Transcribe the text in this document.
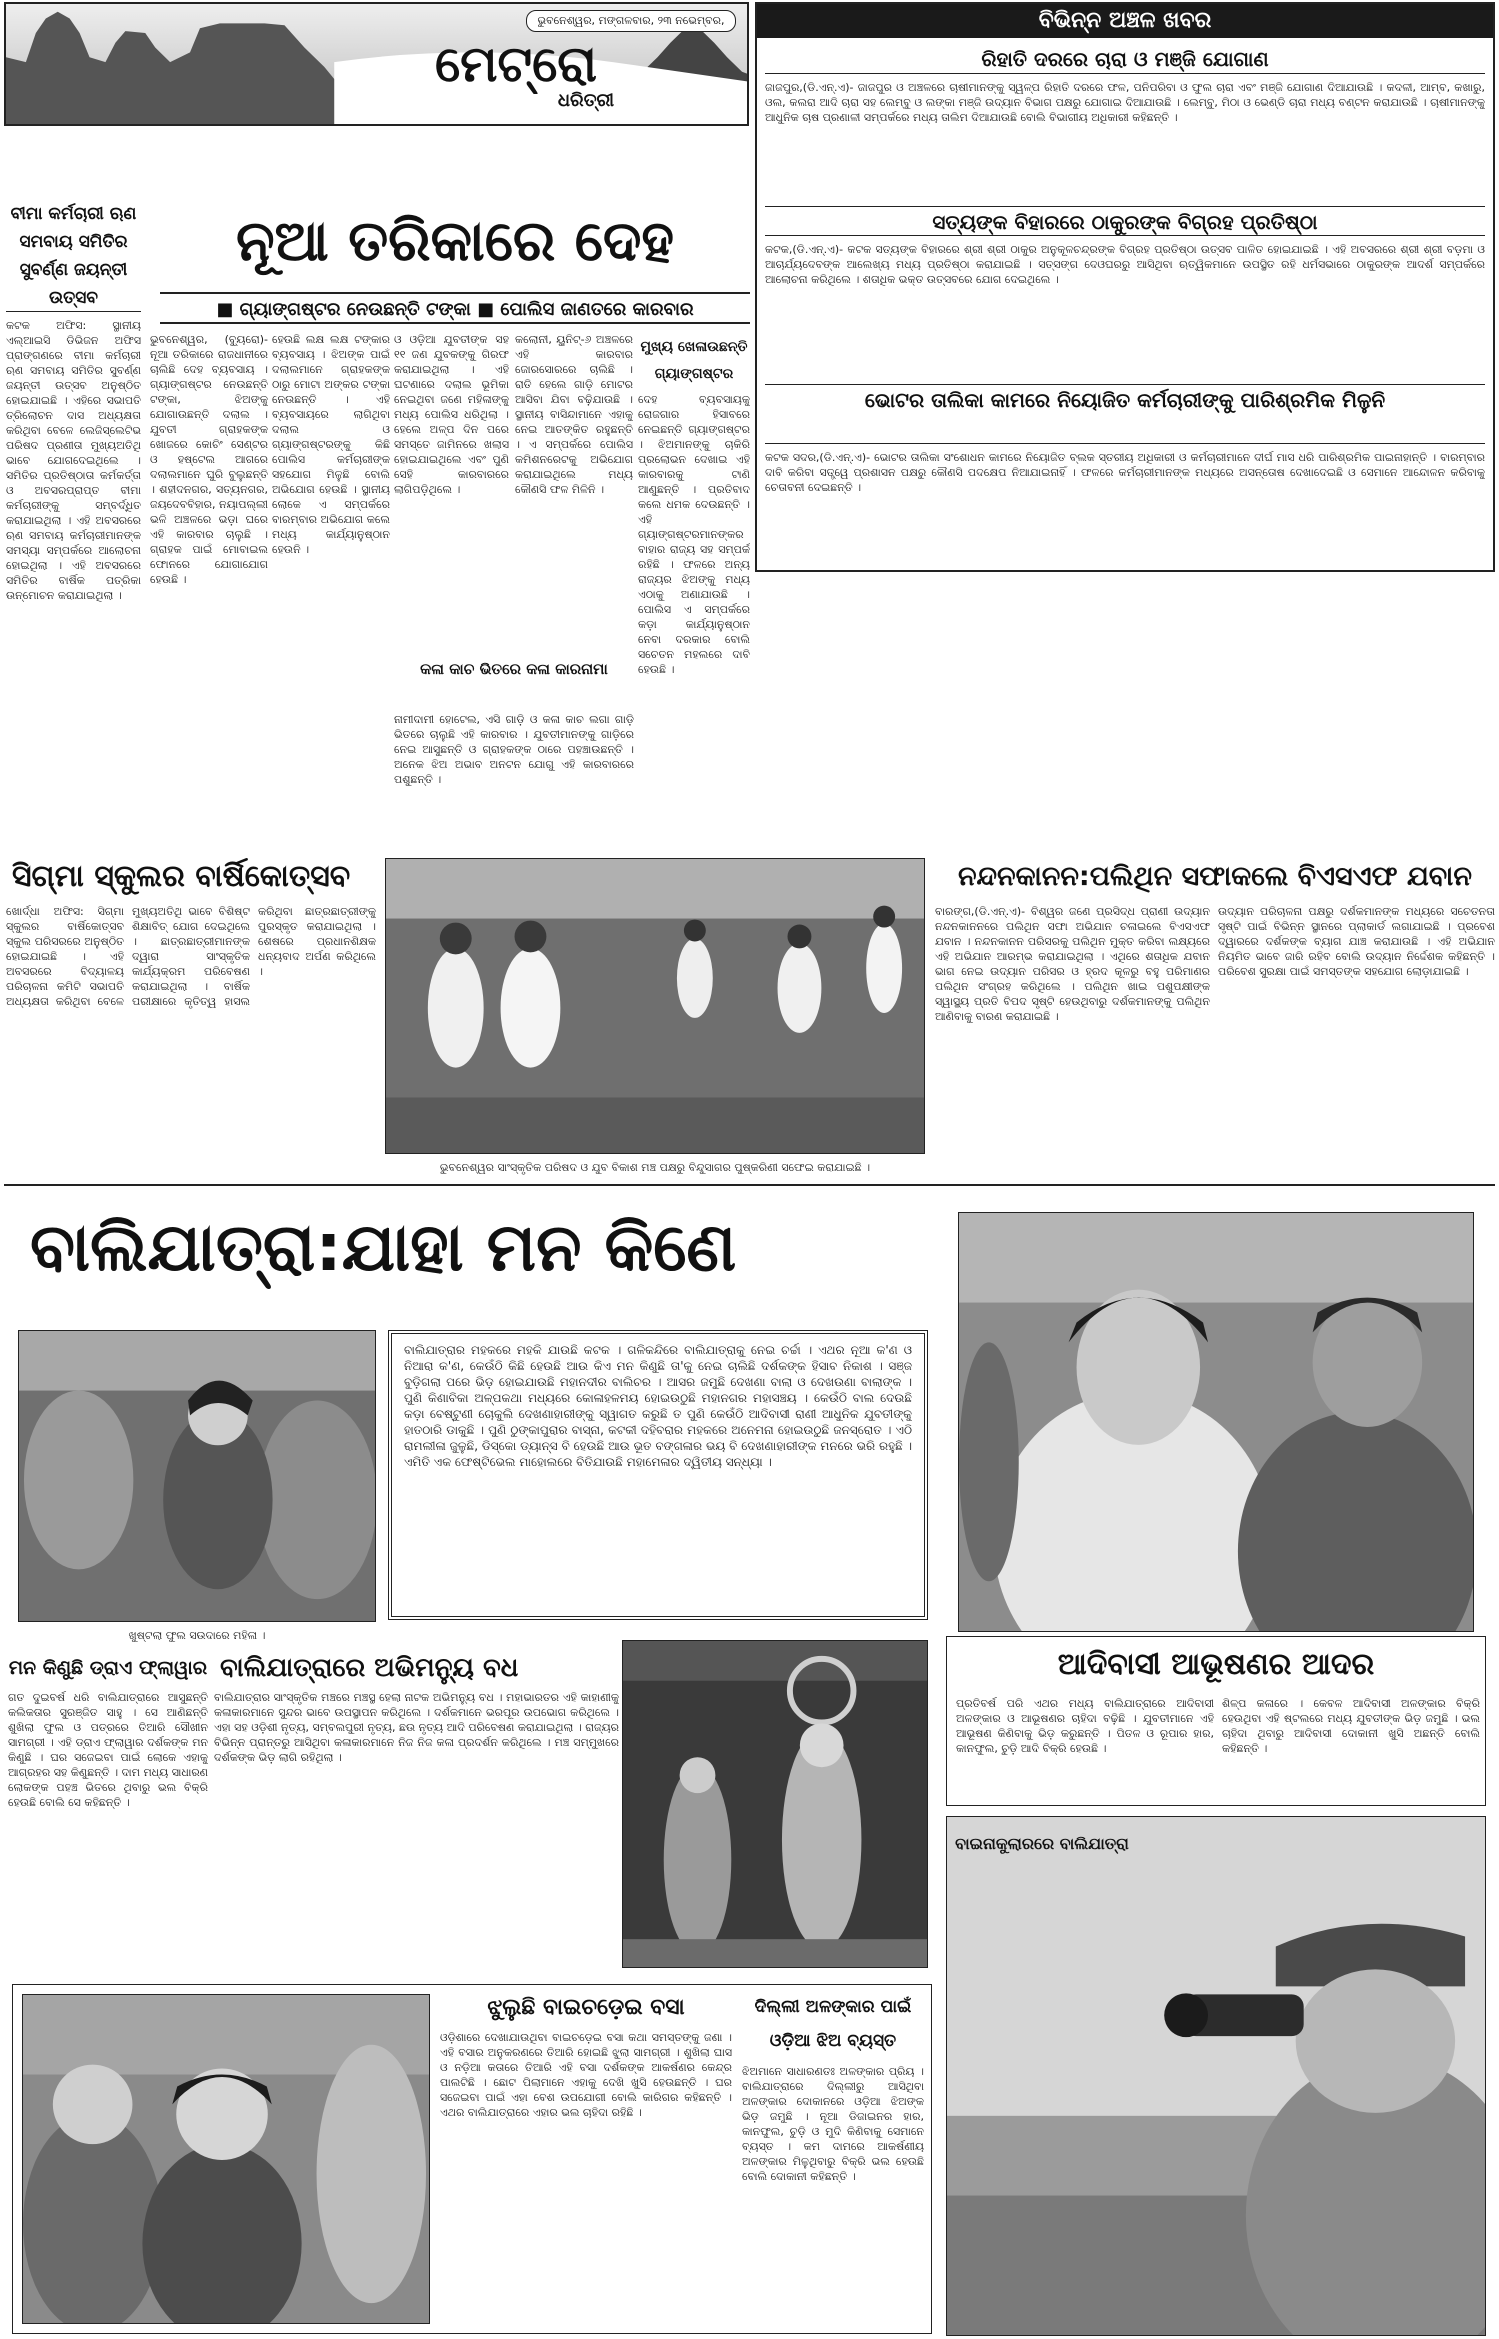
ଭୁବନେଶ୍ୱର, ମଙ୍ଗଳବାର, ୨୩ ନଭେମ୍ବର,
ମେଟ୍ରୋ
ଧରିତ୍ରୀ
ବିଭିନ୍ନ ଅଞ୍ଚଳ ଖବର
ରିହାତି ଦରରେ ଚାରା ଓ ମଞ୍ଜି ଯୋଗାଣ
ଜାଜପୁର,(ଡି.ଏନ୍.ଏ)- ଜାଜପୁର ଓ ଅଞ୍ଚଳରେ ଚାଷୀମାନଙ୍କୁ ସ୍ୱଳ୍ପ ରିହାତି ଦରରେ ଫଳ, ପନିପରିବା ଓ ଫୁଲ ଚାରା ଏବଂ ମଞ୍ଜି ଯୋଗାଣ ଦିଆଯାଉଛି । କଦଳୀ, ଆମ୍ବ, କଖାରୁ, ଓଲ, କଲରା ଆଦି ଚାରା ସହ ଲେମ୍ବୁ ଓ ଲଙ୍କା ମଞ୍ଜି ଉଦ୍ୟାନ ବିଭାଗ ପକ୍ଷରୁ ଯୋଗାଇ ଦିଆଯାଉଛି । ଲେମ୍ବୁ, ମିଠା ଓ ଭେଣ୍ଡି ଚାରା ମଧ୍ୟ ବଣ୍ଟନ କରାଯାଉଛି । ଚାଷୀମାନଙ୍କୁ ଆଧୁନିକ ଚାଷ ପ୍ରଣାଳୀ ସମ୍ପର୍କରେ ମଧ୍ୟ ତାଲିମ ଦିଆଯାଉଛି ବୋଲି ବିଭାଗୀୟ ଅଧିକାରୀ କହିଛନ୍ତି ।
ସତ୍ୟଙ୍କ ବିହାରରେ ଠାକୁରଙ୍କ ବିଗ୍ରହ ପ୍ରତିଷ୍ଠା
କଟକ,(ଡି.ଏନ୍.ଏ)- କଟକ ସତ୍ୟଙ୍କ ବିହାରରେ ଶ୍ରୀ ଶ୍ରୀ ଠାକୁର ଅନୁକୂଳଚନ୍ଦ୍ରଙ୍କ ବିଗ୍ରହ ପ୍ରତିଷ୍ଠା ଉତ୍ସବ ପାଳିତ ହୋଇଯାଇଛି । ଏହି ଅବସରରେ ଶ୍ରୀ ଶ୍ରୀ ବଡ଼ମା ଓ ଆଚାର୍ଯ୍ୟଦେବଙ୍କ ଆଲେଖ୍ୟ ମଧ୍ୟ ପ୍ରତିଷ୍ଠା କରାଯାଇଛି । ସତ୍ସଙ୍ଗ ଦେଓଘରରୁ ଆସିଥିବା ଋତ୍ୱିକମାନେ ଉପସ୍ଥିତ ରହି ଧର୍ମସଭାରେ ଠାକୁରଙ୍କ ଆଦର୍ଶ ସମ୍ପର୍କରେ ଆଲୋଚନା କରିଥିଲେ । ଶତାଧିକ ଭକ୍ତ ଉତ୍ସବରେ ଯୋଗ ଦେଇଥିଲେ ।
ଭୋଟର ତାଲିକା କାମରେ ନିୟୋଜିତ କର୍ମଚାରୀଙ୍କୁ ପାରିଶ୍ରମିକ ମିଳୁନି
କଟକ ସଦର,(ଡି.ଏନ୍.ଏ)- ଭୋଟର ତାଲିକା ସଂଶୋଧନ କାମରେ ନିୟୋଜିତ ବ୍ଲକ ସ୍ତରୀୟ ଅଧିକାରୀ ଓ କର୍ମଚାରୀମାନେ ଦୀର୍ଘ ମାସ ଧରି ପାରିଶ୍ରମିକ ପାଇନାହାନ୍ତି । ବାରମ୍ବାର ଦାବି କରିବା ସତ୍ତ୍ୱେ ପ୍ରଶାସନ ପକ୍ଷରୁ କୌଣସି ପଦକ୍ଷେପ ନିଆଯାଇନାହିଁ । ଫଳରେ କର୍ମଚାରୀମାନଙ୍କ ମଧ୍ୟରେ ଅସନ୍ତୋଷ ଦେଖାଦେଇଛି ଓ ସେମାନେ ଆନ୍ଦୋଳନ କରିବାକୁ ଚେତାବନୀ ଦେଇଛନ୍ତି ।
ବୀମା କର୍ମଚାରୀ ଋଣ ସମବାୟ ସମିତିର ସୁବର୍ଣ୍ଣ ଜୟନ୍ତୀ ଉତ୍ସବ
କଟକ ଅଫିସ: ସ୍ଥାନୀୟ ଏଲ୍ଆଇସି ଡିଭିଜନ ଅଫିସ ପ୍ରାଙ୍ଗଣରେ ବୀମା କର୍ମଚାରୀ ଋଣ ସମବାୟ ସମିତିର ସୁବର୍ଣ୍ଣ ଜୟନ୍ତୀ ଉତ୍ସବ ଅନୁଷ୍ଠିତ ହୋଇଯାଇଛି । ଏହିରେ ସଭାପତି ତ୍ରିଲୋଚନ ଦାସ ଅଧ୍ୟକ୍ଷତା କରିଥିବା ବେଳେ ଲେଜିସ୍ଲେଟିଭ ପରିଷଦ ପ୍ରଣୀତା ମୁଖ୍ୟଅତିଥି ଭାବେ ଯୋଗଦେଇଥିଲେ । ସମିତିର ପ୍ରତିଷ୍ଠାତା କର୍ମକର୍ତ୍ତା ଓ ଅବସରପ୍ରାପ୍ତ ବୀମା କର୍ମଚାରୀଙ୍କୁ ସମ୍ବର୍ଦ୍ଧିତ କରାଯାଇଥିଲା । ଏହି ଅବସରରେ ଋଣ ସମବାୟ କର୍ମଚାରୀମାନଙ୍କ ସମସ୍ୟା ସମ୍ପର୍କରେ ଆଲୋଚନା ହୋଇଥିଲା । ଏହି ଅବସରରେ ସମିତିର ବାର୍ଷିକ ପତ୍ରିକା ଉନ୍ମୋଚନ କରାଯାଇଥିଲା ।
ନୂଆ ତରିକାରେ ଦେହ
■ ଗ୍ୟାଙ୍ଗଷ୍ଟର ନେଉଛନ୍ତି ଟଙ୍କା ■ ପୋଲିସ ଜାଣତରେ କାରବାର
ଭୁବନେଶ୍ୱର, (ବ୍ୟୁରୋ)- ନୂଆ ତରିକାରେ ରାଜଧାନୀରେ ଚାଲିଛି ଦେହ ବ୍ୟବସାୟ । ଗ୍ୟାଙ୍ଗଷ୍ଟର ନେଉଛନ୍ତି ଟଙ୍କା, ଝିଅଙ୍କୁ ଯୋଗାଉଛନ୍ତି ଦଲାଲ । ଯୁବତୀ ଗ୍ରାହକଙ୍କ ଖୋଜରେ କୋଚିଂ ସେଣ୍ଟର ଓ ହଷ୍ଟେଲ ଆଗରେ ଦଲାଲମାନେ ଘୁରି ବୁଲୁଛନ୍ତି । ଶହୀଦନଗର, ସତ୍ୟନଗର, ଜୟଦେବବିହାର, ନୟାପଲ୍ଲୀ ଭଳି ଅଞ୍ଚଳରେ ଭଡ଼ା ଘରେ ଏହି କାରବାର ଚାଲୁଛି । ଗ୍ରାହକ ପାଇଁ ମୋବାଇଲ ଫୋନରେ ଯୋଗାଯୋଗ ହେଉଛି ।
ହେଉଛି ଲକ୍ଷ ଲକ୍ଷ ଟଙ୍କାର ବ୍ୟବସାୟ । ଝିଅଙ୍କ ପାଇଁ ଦଲାଲମାନେ ଗ୍ରାହକଙ୍କ ଠାରୁ ମୋଟା ଅଙ୍କର ଟଙ୍କା ନେଉଛନ୍ତି । ଏହି ବ୍ୟବସାୟରେ ଲାଗିଥିବା ଦଲାଲ ଓ ଗ୍ୟାଙ୍ଗଷ୍ଟରଙ୍କୁ କିଛି ପୋଲିସ କର୍ମଚାରୀଙ୍କ ସହଯୋଗ ମିଳୁଛି ବୋଲି ଅଭିଯୋଗ ହେଉଛି । ସ୍ଥାନୀୟ ଲୋକେ ଏ ସମ୍ପର୍କରେ ବାରମ୍ବାର ଅଭିଯୋଗ କଲେ ମଧ୍ୟ କାର୍ଯ୍ୟାନୁଷ୍ଠାନ ହେଉନି ।
ଓ ଓଡ଼ିଆ ଯୁବତୀଙ୍କ ସହ ୧୧ ଜଣ ଯୁବକଙ୍କୁ ଗିରଫ କରାଯାଇଥିଲା । ଏହି ଘଟଣାରେ ଦଲାଲ ଭୂମିକା ନେଇଥିବା ଜଣେ ମହିଳାଙ୍କୁ ମଧ୍ୟ ପୋଲିସ ଧରିଥିଲା । ହେଲେ ଅଳ୍ପ ଦିନ ପରେ ସମସ୍ତେ ଜାମିନରେ ଖଲାସ ହୋଇଯାଇଥିଲେ ଏବଂ ପୁଣି ସେହି କାରବାରରେ ଲାଗିପଡ଼ିଥିଲେ ।
କଳା କାଚ ଭିତରେ କଳା କାରନାମା
ନାମୀଦାମୀ ହୋଟେଲ, ଏସି ଗାଡ଼ି ଓ କଳା କାଚ ଲଗା ଗାଡ଼ି ଭିତରେ ଚାଲୁଛି ଏହି କାରବାର । ଯୁବତୀମାନଙ୍କୁ ଗାଡ଼ିରେ ନେଇ ଆସୁଛନ୍ତି ଓ ଗ୍ରାହକଙ୍କ ଠାରେ ପହଞ୍ଚାଉଛନ୍ତି । ଅନେକ ଝିଅ ଅଭାବ ଅନଟନ ଯୋଗୁ ଏହି କାରବାରରେ ପଶୁଛନ୍ତି ।
କଲୋନୀ, ୟୁନିଟ୍-୬ ଅଞ୍ଚଳରେ ଏହି କାରବାର ଜୋରସୋରରେ ଚାଲିଛି । ରାତି ହେଲେ ଗାଡ଼ି ମୋଟର ଆସିବା ଯିବା ବଢ଼ିଯାଉଛି । ସ୍ଥାନୀୟ ବାସିନ୍ଦାମାନେ ଏହାକୁ ନେଇ ଆତଙ୍କିତ ରହୁଛନ୍ତି । ଏ ସମ୍ପର୍କରେ ପୋଲିସ କମିଶନରେଟକୁ ଅଭିଯୋଗ କରାଯାଇଥିଲେ ମଧ୍ୟ କୌଣସି ଫଳ ମିଳିନି ।
ମୁଖ୍ୟ ଖେଳାଉଛନ୍ତି ଗ୍ୟାଙ୍ଗଷ୍ଟର
ଦେହ ବ୍ୟବସାୟକୁ ରୋଜଗାର ହିସାବରେ ନେଇଛନ୍ତି ଗ୍ୟାଙ୍ଗଷ୍ଟର । ଝିଅମାନଙ୍କୁ ଚାକିରି ପ୍ରଲୋଭନ ଦେଖାଇ ଏହି କାରବାରକୁ ଟାଣି ଆଣୁଛନ୍ତି । ପ୍ରତିବାଦ କଲେ ଧମକ ଦେଉଛନ୍ତି । ଏହି ଗ୍ୟାଙ୍ଗଷ୍ଟରମାନଙ୍କର ବାହାର ରାଜ୍ୟ ସହ ସମ୍ପର୍କ ରହିଛି । ଫଳରେ ଅନ୍ୟ ରାଜ୍ୟର ଝିଅଙ୍କୁ ମଧ୍ୟ ଏଠାକୁ ଅଣାଯାଉଛି । ପୋଲିସ ଏ ସମ୍ପର୍କରେ କଡ଼ା କାର୍ଯ୍ୟାନୁଷ୍ଠାନ ନେବା ଦରକାର ବୋଲି ସଚେତନ ମହଲରେ ଦାବି ହେଉଛି ।
ସିଗ୍ମା ସ୍କୁଲର ବାର୍ଷିକୋତ୍ସବ
ଖୋର୍ଦ୍ଧା ଅଫିସ: ସିଗ୍ମା ସ୍କୁଲର ବାର୍ଷିକୋତ୍ସବ ସ୍କୁଲ ପରିସରରେ ଅନୁଷ୍ଠିତ ହୋଇଯାଇଛି । ଏହି ଅବସରରେ ବିଦ୍ୟାଳୟ ପରିଚାଳନା କମିଟି ସଭାପତି ଅଧ୍ୟକ୍ଷତା କରିଥିବା ବେଳେ ମୁଖ୍ୟଅତିଥି ଭାବେ ବିଶିଷ୍ଟ ଶିକ୍ଷାବିତ୍ ଯୋଗ ଦେଇଥିଲେ । ଛାତ୍ରଛାତ୍ରୀମାନଙ୍କ ଦ୍ୱାରା ସାଂସ୍କୃତିକ କାର୍ଯ୍ୟକ୍ରମ ପରିବେଷଣ କରାଯାଇଥିଲା । ବାର୍ଷିକ ପରୀକ୍ଷାରେ କୃତିତ୍ୱ ହାସଲ କରିଥିବା ଛାତ୍ରଛାତ୍ରୀଙ୍କୁ ପୁରସ୍କୃତ କରାଯାଇଥିଲା । ଶେଷରେ ପ୍ରଧାନଶିକ୍ଷକ ଧନ୍ୟବାଦ ଅର୍ପଣ କରିଥିଲେ ।
ଭୁବନେଶ୍ୱର ସାଂସ୍କୃତିକ ପରିଷଦ ଓ ଯୁବ ବିକାଶ ମଞ୍ଚ ପକ୍ଷରୁ ବିନ୍ଦୁସାଗର ପୁଷ୍କରିଣୀ ସଫେଇ କରାଯାଇଛି ।
ନନ୍ଦନକାନନ:ପଲିଥିନ ସଫାକଲେ ବିଏସଏଫ ଯବାନ
ବାରଙ୍ଗ,(ଡି.ଏନ୍.ଏ)- ବିଶ୍ୱର ଜଣେ ପ୍ରସିଦ୍ଧ ପ୍ରାଣୀ ଉଦ୍ୟାନ ନନ୍ଦନକାନନରେ ପଲିଥିନ ସଫା ଅଭିଯାନ ଚଳାଇଲେ ବିଏସଏଫ ଯବାନ । ନନ୍ଦନକାନନ ପରିସରକୁ ପଲିଥିନ ମୁକ୍ତ କରିବା ଲକ୍ଷ୍ୟରେ ଏହି ଅଭିଯାନ ଆରମ୍ଭ କରାଯାଇଥିଲା । ଏଥିରେ ଶତାଧିକ ଯବାନ ଭାଗ ନେଇ ଉଦ୍ୟାନ ପରିସର ଓ ହ୍ରଦ କୂଳରୁ ବହୁ ପରିମାଣର ପଲିଥିନ ସଂଗ୍ରହ କରିଥିଲେ । ପଲିଥିନ ଖାଇ ପଶୁପକ୍ଷୀଙ୍କ ସ୍ୱାସ୍ଥ୍ୟ ପ୍ରତି ବିପଦ ସୃଷ୍ଟି ହେଉଥିବାରୁ ଦର୍ଶକମାନଙ୍କୁ ପଲିଥିନ ଆଣିବାକୁ ବାରଣ କରାଯାଇଛି ।
ଉଦ୍ୟାନ ପରିଚାଳନା ପକ୍ଷରୁ ଦର୍ଶକମାନଙ୍କ ମଧ୍ୟରେ ସଚେତନତା ସୃଷ୍ଟି ପାଇଁ ବିଭିନ୍ନ ସ୍ଥାନରେ ପ୍ଲାକାର୍ଡ ଲଗାଯାଇଛି । ପ୍ରବେଶ ଦ୍ୱାରରେ ଦର୍ଶକଙ୍କ ବ୍ୟାଗ ଯାଞ୍ଚ କରାଯାଉଛି । ଏହି ଅଭିଯାନ ନିୟମିତ ଭାବେ ଜାରି ରହିବ ବୋଲି ଉଦ୍ୟାନ ନିର୍ଦ୍ଦେଶକ କହିଛନ୍ତି । ପରିବେଶ ସୁରକ୍ଷା ପାଇଁ ସମସ୍ତଙ୍କ ସହଯୋଗ ଲୋଡ଼ାଯାଇଛି ।
ବାଲିଯାତ୍ରା:ଯାହା ମନ କିଣେ
ଖୁଷ୍ଟଲା ଫୁଲ ସଉଦାରେ ମହିଳା ।
ବାଲିଯାତ୍ରାର ମହକରେ ମହକି ଯାଉଛି କଟକ । ଗଳିକନ୍ଦିରେ ବାଲିଯାତ୍ରାକୁ ନେଇ ଚର୍ଚ୍ଚା । ଏଥର ନୂଆ କ'ଣ ଓ ନିଆରା କ'ଣ, କେଉଁଠି କିଛି ହେଉଛି ଆଉ କିଏ ମନ କିଣୁଛି ତା'କୁ ନେଇ ଚାଲିଛି ଦର୍ଶକଙ୍କ ହିସାବ ନିକାଶ । ସଞ୍ଜ ବୁଡ଼ିଗଲା ପରେ ଭିଡ଼ ହୋଇଯାଉଛି ମହାନଦୀର ବାଲିଚର । ଆସର ଜମୁଛି ଦେଖଣା ବାଲା ଓ ଦେଖଉଣା ବାଲାଙ୍କ । ପୁଣି କିଣାବିକା ଅଳ୍ପକଥା ମଧ୍ୟରେ କୋଳାହଳମୟ ହୋଇଉଠୁଛି ମହାନଗର ମହାସଞ୍ଚୟ । କେଉଁଠି ବାଲ ଦେଉଛି କଡ଼ା ବେଷ୍ଟୁଣୀ ଚୋକୁଲି ଦେଖଣାହାରୀଙ୍କୁ ସ୍ୱାଗତ କରୁଛି ତ ପୁଣି କେଉଁଠି ଆଦିବାସୀ ରାଣୀ ଆଧୁନିକ ଯୁବତୀଙ୍କୁ ହାତଠାରି ଡାକୁଛି । ପୁଣି ଠୁଙ୍କାପୁରାର ବାସ୍ନା, କଟକୀ ଦହିବରାର ମହକରେ ଅନେମନା ହୋଇଉଠୁଛି ଜନସ୍ରୋତ । ଏଠି ରାମଲୀଳା ଜୁଳୁଛି, ଡିସ୍କୋ ଡ୍ୟାନ୍ସ ବି ହେଉଛି ଆଉ ଭୂତ ବଙ୍ଗଳାର ଭୟ ବି ଦେଖଣାହାରୀଙ୍କ ମନରେ ଭରି ରହୁଛି । ଏମିତି ଏକ ଫେଷ୍ଟିଭେଲ ମାହୋଲରେ ବିତିଯାଉଛି ମହାମେଳାର ଦ୍ୱିତୀୟ ସନ୍ଧ୍ୟା ।
ଆଦିବାସୀ ଆଭୂଷଣର ଆଦର
ପ୍ରତିବର୍ଷ ପରି ଏଥର ମଧ୍ୟ ବାଲିଯାତ୍ରାରେ ଆଦିବାସୀ ଅଳଙ୍କାର ଓ ଆଭୂଷଣର ଚାହିଦା ବଢ଼ିଛି । ଯୁବତୀମାନେ ଏହି ଆଭୂଷଣ କିଣିବାକୁ ଭିଡ଼ କରୁଛନ୍ତି । ପିତଳ ଓ ରୂପାର ହାର, କାନଫୁଲ, ଚୁଡ଼ି ଆଦି ବିକ୍ରି ହେଉଛି ।
ଶିଳ୍ପ କଳାରେ । କେବଳ ଆଦିବାସୀ ଅଳଙ୍କାର ବିକ୍ରି ହେଉଥିବା ଏହି ଷ୍ଟଲରେ ମଧ୍ୟ ଯୁବତୀଙ୍କ ଭିଡ଼ ଜମୁଛି । ଭଲ ଚାହିଦା ଥିବାରୁ ଆଦିବାସୀ ଦୋକାନୀ ଖୁସି ଅଛନ୍ତି ବୋଲି କହିଛନ୍ତି ।
ମନ କିଣୁଛି ଡ୍ରାଏ ଫ୍ଲାୱାର
ଗତ ଦୁଇବର୍ଷ ଧରି ବାଲିଯାତ୍ରାରେ ଆସୁଛନ୍ତି କଲିକତାର ସୁରଞ୍ଜିତ ସାହୁ । ସେ ଆଣିଛନ୍ତି ଶୁଖିଲା ଫୁଲ ଓ ପତ୍ରରେ ତିଆରି ସୌଖୀନ ସାମଗ୍ରୀ । ଏହି ଡ୍ରାଏ ଫ୍ଲାୱାର ଦର୍ଶକଙ୍କ ମନ କିଣୁଛି । ଘର ସଜେଇବା ପାଇଁ ଲୋକେ ଏହାକୁ ଆଗ୍ରହର ସହ କିଣୁଛନ୍ତି । ଦାମ ମଧ୍ୟ ସାଧାରଣ ଲୋକଙ୍କ ପହଞ୍ଚ ଭିତରେ ଥିବାରୁ ଭଲ ବିକ୍ରି ହେଉଛି ବୋଲି ସେ କହିଛନ୍ତି ।
ବାଲିଯାତ୍ରାରେ ଅଭିମନ୍ୟୁ ବଧ
ବାଲିଯାତ୍ରାର ସାଂସ୍କୃତିକ ମଞ୍ଚରେ ମଞ୍ଚସ୍ଥ ହେଲା ନାଟକ ଅଭିମନ୍ୟୁ ବଧ । ମହାଭାରତର ଏହି କାହାଣୀକୁ କଳାକାରମାନେ ସୁନ୍ଦର ଭାବେ ଉପସ୍ଥାପନ କରିଥିଲେ । ଦର୍ଶକମାନେ ଭରପୂର ଉପଭୋଗ କରିଥିଲେ । ଏହା ସହ ଓଡ଼ିଶୀ ନୃତ୍ୟ, ସମ୍ବଲପୁରୀ ନୃତ୍ୟ, ଛଉ ନୃତ୍ୟ ଆଦି ପରିବେଷଣ କରାଯାଇଥିଲା । ରାଜ୍ୟର ବିଭିନ୍ନ ପ୍ରାନ୍ତରୁ ଆସିଥିବା କଳାକାରମାନେ ନିଜ ନିଜ କଳା ପ୍ରଦର୍ଶନ କରିଥିଲେ । ମଞ୍ଚ ସମ୍ମୁଖରେ ଦର୍ଶକଙ୍କ ଭିଡ଼ ଲାଗି ରହିଥିଲା ।
ବାଇନାକୁଲାରରେ ବାଲିଯାତ୍ରା
ଝୁଲୁଛି ବାଇଚଡ଼େଇ ବସା
ଓଡ଼ିଶାରେ ଦେଖାଯାଉଥିବା ବାଇଚଡ଼େଇ ବସା କଥା ସମସ୍ତଙ୍କୁ ଜଣା । ଏହି ବସାର ଅନୁକରଣରେ ତିଆରି ହୋଇଛି ଝୁଲା ସାମଗ୍ରୀ । ଶୁଖିଲା ଘାସ ଓ ନଡ଼ିଆ କତାରେ ତିଆରି ଏହି ବସା ଦର୍ଶକଙ୍କ ଆକର୍ଷଣର କେନ୍ଦ୍ର ପାଲଟିଛି । ଛୋଟ ପିଲାମାନେ ଏହାକୁ ଦେଖି ଖୁସି ହେଉଛନ୍ତି । ଘର ସଜେଇବା ପାଇଁ ଏହା ବେଶ ଉପଯୋଗୀ ବୋଲି କାରିଗର କହିଛନ୍ତି । ଏଥର ବାଲିଯାତ୍ରାରେ ଏହାର ଭଲ ଚାହିଦା ରହିଛି ।
ଦିଲ୍ଲୀ ଅଳଙ୍କାର ପାଇଁ ଓଡ଼ିଆ ଝିଅ ବ୍ୟସ୍ତ
ଝିଅମାନେ ସାଧାରଣତଃ ଅଳଙ୍କାର ପ୍ରିୟ । ବାଲିଯାତ୍ରାରେ ଦିଲ୍ଲୀରୁ ଆସିଥିବା ଅଳଙ୍କାର ଦୋକାନରେ ଓଡ଼ିଆ ଝିଅଙ୍କ ଭିଡ଼ ଜମୁଛି । ନୂଆ ଡିଜାଇନର ହାର, କାନଫୁଲ, ଚୁଡ଼ି ଓ ମୁଦି କିଣିବାକୁ ସେମାନେ ବ୍ୟସ୍ତ । କମ ଦାମରେ ଆକର୍ଷଣୀୟ ଅଳଙ୍କାର ମିଳୁଥିବାରୁ ବିକ୍ରି ଭଲ ହେଉଛି ବୋଲି ଦୋକାନୀ କହିଛନ୍ତି ।
